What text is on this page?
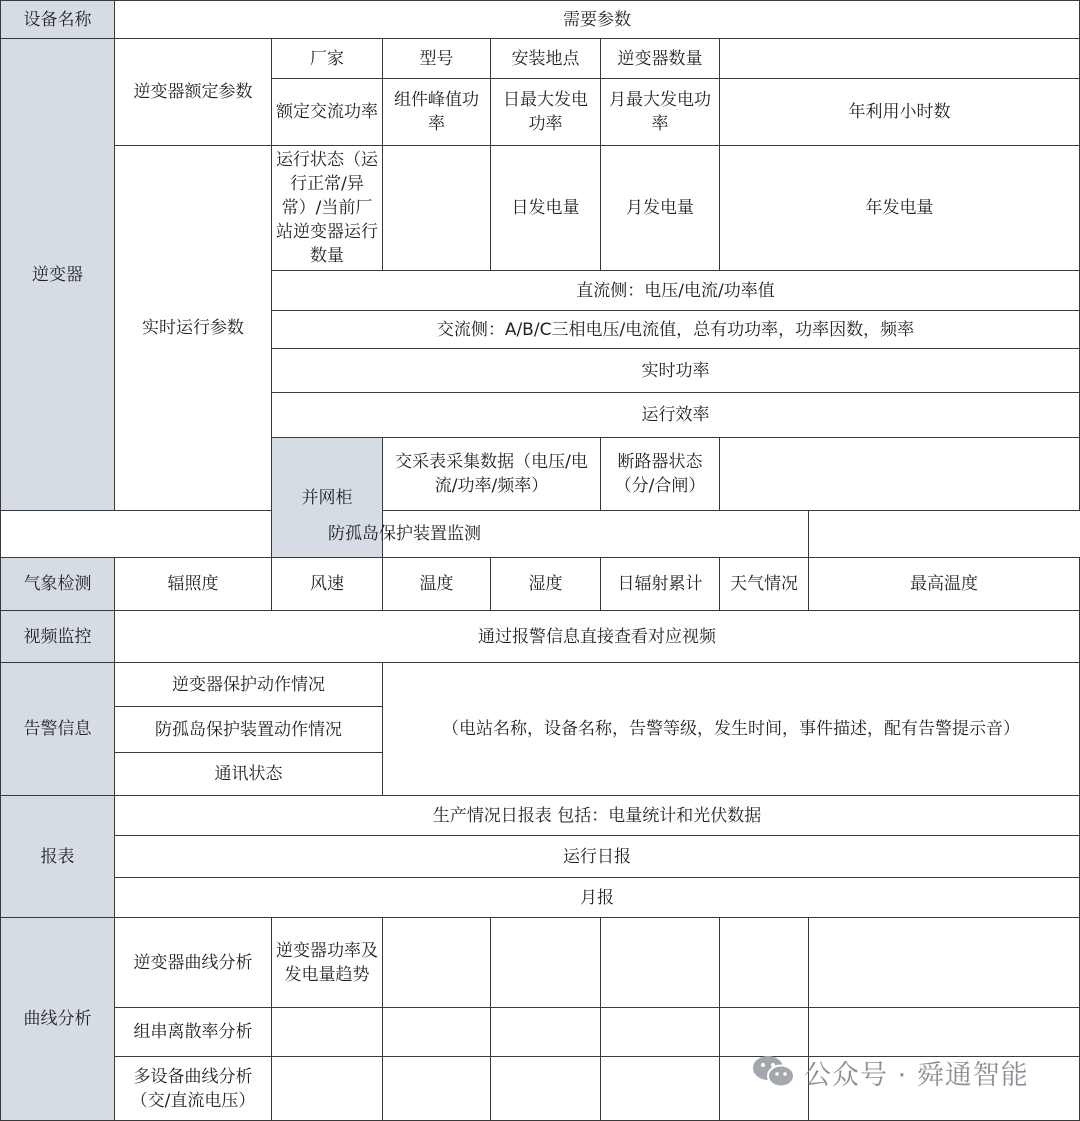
设备名称	需要参数						
逆变器	逆变器额定参数	厂家	型号	安装地点	逆变器数量		
		额定交流功率	组件峰值功率	日最大发电功率	月最大发电功率	年利用小时数	
	实时运行参数	运行状态（运行正常/异常）/当前厂站逆变器运行数量		日发电量	月发电量	年发电量	
		直流侧：电压/电流/功率值					
		交流侧：A/B/C三相电压/电流值，总有功功率，功率因数，频率					
		实时功率					
		运行效率					
		并网柜	交采表采集数据（电压/电流/功率/频率）		断路器状态（分/合闸）		
防孤岛保护装置监测							
气象检测	辐照度	风速	温度	湿度	日辐射累计	天气情况	最高温度
视频监控	通过报警信息直接查看对应视频						
告警信息	逆变器保护动作情况		（电站名称，设备名称，告警等级，发生时间，事件描述，配有告警提示音）				
	防孤岛保护装置动作情况						
	通讯状态						
报表	生产情况日报表 包括：电量统计和光伏数据						
	运行日报						
	月报						
曲线分析	逆变器曲线分析	逆变器功率及发电量趋势					
	组串离散率分析						
	多设备曲线分析（交/直流电压）						
公众号 · 舜通智能
